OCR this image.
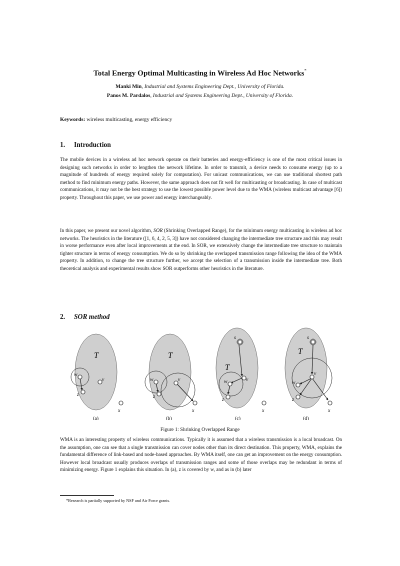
Total Energy Optimal Multicasting in Wireless Ad Hoc Networks*
Manki Min, Industrial and Systems Engineering Dept., University of Florida.
Panos M. Pardalos, Industrial and Systems Engineering Dept., University of Florida.
Keywords: wireless multicasting, energy efficiency
1. Introduction
The mobile devices in a wireless ad hoc network operate on their batteries and energy-efficiency is one of the most critical issues in designing such networks in order to lengthen the network lifetime. In order to transmit, a device needs to consume energy (up to a magnitude of hundreds of energy required solely for computation). For unicast communications, we can use traditional shortest path method to find minimum energy paths. However, the same approach does not fit well for multicasting or broadcasting. In case of multicast communications, it may not be the best strategy to use the lowest possible power level due to the WMA (wireless multicast advantage [6]) property. Throughout this paper, we use power and energy interchangeably.
In this paper, we present our novel algorithm, SOR (Shrinking Overlapped Range), for the minimum energy multicasting in wireless ad hoc networks. The heuristics in the literature ([1, 6, 4, 2, 5, 3]) have not considered changing the intermediate tree structure and this may result in worse performance even after local improvements at the end. In SOR, we extensively change the intermediate tree structure to maintain tighter structure in terms of energy consumption. We do so by shrinking the overlapped transmission range following the idea of the WMA property. In addition, to change the tree structure further, we accept the selection of a transmission inside the intermediate tree. Both theoretical analysis and experimental results show SOR outperforms other heuristics in the literature.
2. SOR method
T
w
v
z
x
(a)
T
w	v
z
x
(b)
T
s
v
w
z
x
(c)
T
s
v
w
z
x
(d)
Figure 1: Shrinking Overlapped Range
WMA is an interesting property of wireless communications. Typically it is assumed that a wireless transmission is a local broadcast. On the assumption, one can see that a single transmission can cover nodes other than its direct destination. This property, WMA, explains the fundamental difference of link-based and node-based approaches. By WMA itself, one can get an improvement on the energy consumption. However local broadcast usually produces overlaps of transmission ranges and some of those overlaps may be redundant in terms of minimizing energy. Figure 1 explains this situation. In (a), z is covered by w, and as in (b) later
*Research is partially supported by NSF and Air Force grants.
